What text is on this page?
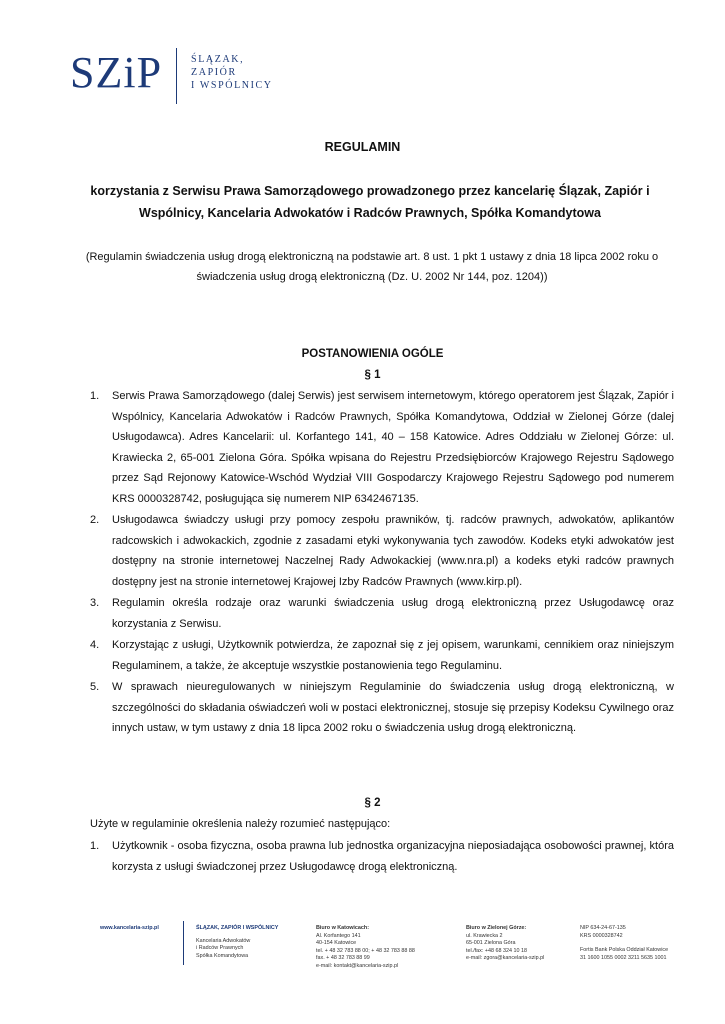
SZiP	ŚLĄZAK,
ZAPIÓR
I WSPÓLNICY
REGULAMIN
korzystania z Serwisu Prawa Samorządowego prowadzonego przez kancelarię Ślązak, Zapiór i Wspólnicy, Kancelaria Adwokatów i Radców Prawnych, Spółka Komandytowa
(Regulamin świadczenia usług drogą elektroniczną na podstawie art. 8 ust. 1 pkt 1 ustawy z dnia 18 lipca 2002 roku o świadczenia usług drogą elektroniczną (Dz. U. 2002 Nr 144, poz. 1204))
POSTANOWIENIA OGÓLE
§ 1
1. Serwis Prawa Samorządowego (dalej Serwis) jest serwisem internetowym, którego operatorem jest Ślązak, Zapiór i Wspólnicy, Kancelaria Adwokatów i Radców Prawnych, Spółka Komandytowa, Oddział w Zielonej Górze (dalej Usługodawca). Adres Kancelarii: ul. Korfantego 141, 40 – 158 Katowice. Adres Oddziału w Zielonej Górze: ul. Krawiecka 2, 65-001 Zielona Góra. Spółka wpisana do Rejestru Przedsiębiorców Krajowego Rejestru Sądowego przez Sąd Rejonowy Katowice-Wschód Wydział VIII Gospodarczy Krajowego Rejestru Sądowego pod numerem KRS 0000328742, posługująca się numerem NIP 6342467135.
2. Usługodawca świadczy usługi przy pomocy zespołu prawników, tj. radców prawnych, adwokatów, aplikantów radcowskich i adwokackich, zgodnie z zasadami etyki wykonywania tych zawodów. Kodeks etyki adwokatów jest dostępny na stronie internetowej Naczelnej Rady Adwokackiej (www.nra.pl) a kodeks etyki radców prawnych dostępny jest na stronie internetowej Krajowej Izby Radców Prawnych (www.kirp.pl).
3. Regulamin określa rodzaje oraz warunki świadczenia usług drogą elektroniczną przez Usługodawcę oraz korzystania z Serwisu.
4. Korzystając z usługi, Użytkownik potwierdza, że zapoznał się z jej opisem, warunkami, cennikiem oraz niniejszym Regulaminem, a także, że akceptuje wszystkie postanowienia tego Regulaminu.
5. W sprawach nieuregulowanych w niniejszym Regulaminie do świadczenia usług drogą elektroniczną, w szczególności do składania oświadczeń woli w postaci elektronicznej, stosuje się przepisy Kodeksu Cywilnego oraz innych ustaw, w tym ustawy z dnia 18 lipca 2002 roku o świadczenia usług drogą elektroniczną.
§ 2
Użyte w regulaminie określenia należy rozumieć następująco:
1. Użytkownik - osoba fizyczna, osoba prawna lub jednostka organizacyjna nieposiadająca osobowości prawnej, która korzysta z usługi świadczonej przez Usługodawcę drogą elektroniczną.
www.kancelaria-szip.pl	ŚLĄZAK, ZAPIÓR I WSPÓLNICY
Kancelaria Adwokatów
i Radców Prawnych
Spółka Komandytowa
Biuro w Katowicach:
Al. Korfantego 141
40-154 Katowice
tel. + 48 32 783 88 00; + 48 32 783 88 88
fax. + 48 32 783 88 99
e-mail: kontakt@kancelaria-szip.pl
Biuro w Zielonej Górze:
ul. Krawiecka 2
65-001 Zielona Góra
tel./fax: +48 68 324 10 18
e-mail: zgora@kancelaria-szip.pl
NIP 634-24-67-135
KRS 0000328742
Fortis Bank Polska Oddział Katowice
31 1600 1055 0002 3211 5635 1001
